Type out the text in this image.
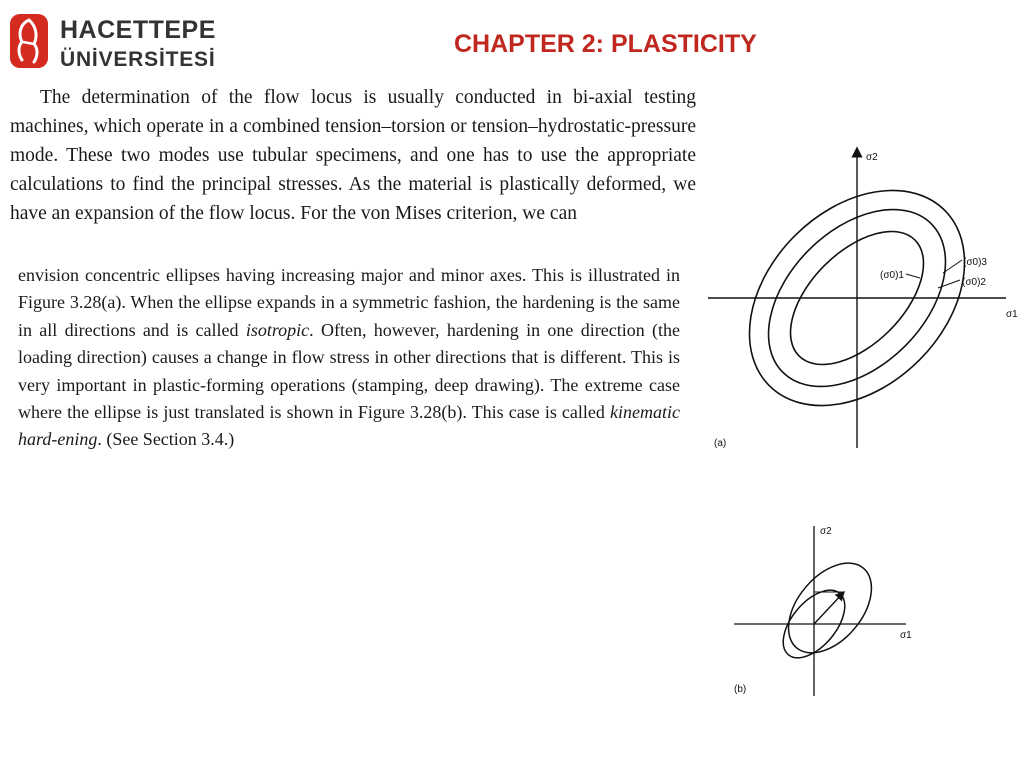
HACETTEPE
ÜNİVERSİTESİ
CHAPTER 2: PLASTICITY
The determination of the flow locus is usually conducted in bi-axial testing machines, which operate in a combined tension–torsion or tension–hydrostatic-pressure mode. These two modes use tubular specimens, and one has to use the appropriate calculations to find the principal stresses. As the material is plastically deformed, we have an expansion of the flow locus. For the von Mises criterion, we can
envision concentric ellipses having increasing major and minor axes. This is illustrated in Figure 3.28(a). When the ellipse expands in a symmetric fashion, the hardening is the same in all directions and is called isotropic. Often, however, hardening in one direction (the loading direction) causes a change in flow stress in other directions that is different. This is very important in plastic-forming operations (stamping, deep drawing). The extreme case where the ellipse is just translated is shown in Figure 3.28(b). This case is called kinematic hard-ening. (See Section 3.4.)
σ2
σ1
(σ0)3
(σ0)2
(σ0)1
(a)
σ2
σ1
(b)
